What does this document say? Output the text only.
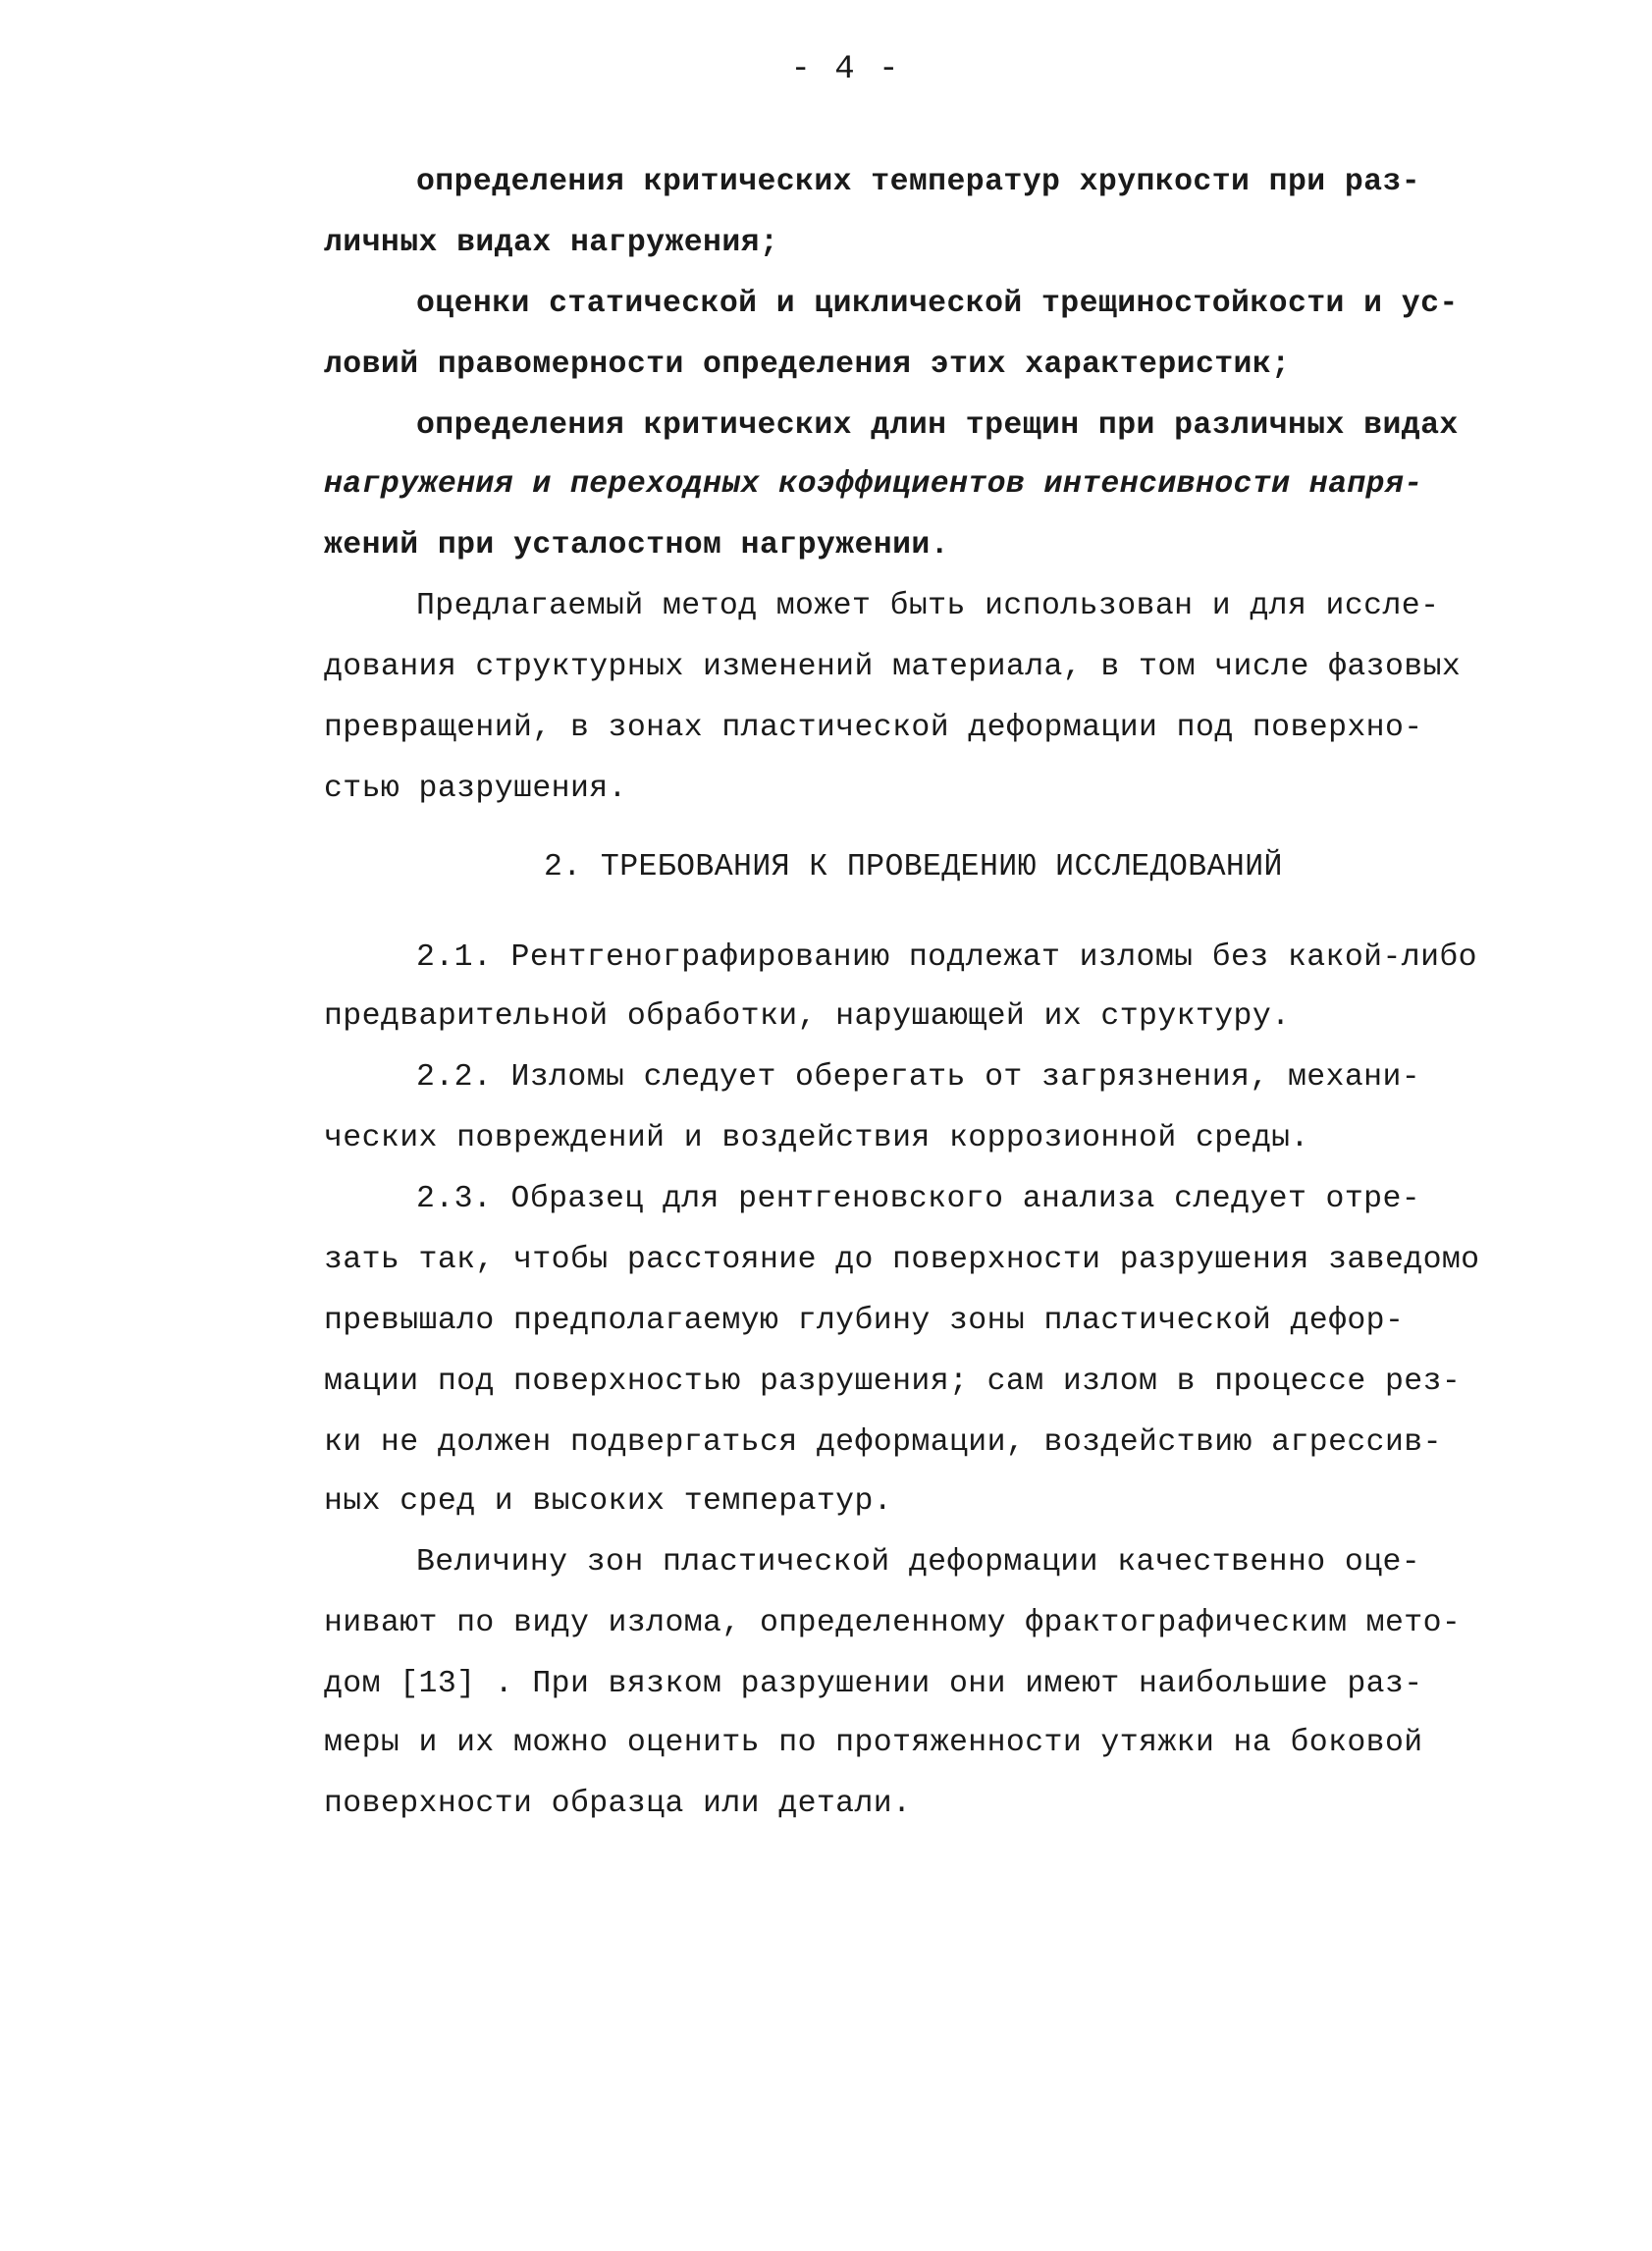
- 4 -
определения критических температур хрупкости при раз-
личных видах нагружения;
оценки статической и циклической трещиностойкости и ус-
ловий правомерности определения этих характеристик;
определения критических длин трещин при различных видах
нагружения и переходных коэффициентов интенсивности напря-
жений при усталостном нагружении.
Предлагаемый метод может быть использован и для иссле-
дования структурных изменений материала, в том числе фазовых
превращений, в зонах пластической деформации под поверхно-
стью разрушения.
2. ТРЕБОВАНИЯ К ПРОВЕДЕНИЮ ИССЛЕДОВАНИЙ
2.1. Рентгенографированию подлежат изломы без какой-либо
предварительной обработки, нарушающей их структуру.
2.2. Изломы следует оберегать от загрязнения, механи-
ческих повреждений и воздействия коррозионной среды.
2.3. Образец для рентгеновского анализа следует отре-
зать так, чтобы расстояние до поверхности разрушения заведомо
превышало предполагаемую глубину зоны пластической дефор-
мации под поверхностью разрушения; сам излом в процессе рез-
ки не должен подвергаться деформации, воздействию агрессив-
ных сред и высоких температур.
Величину зон пластической деформации качественно оце-
нивают по виду излома, определенному фрактографическим мето-
дом [13] . При вязком разрушении они имеют наибольшие раз-
меры и их можно оценить по протяженности утяжки на боковой
поверхности образца или детали.
